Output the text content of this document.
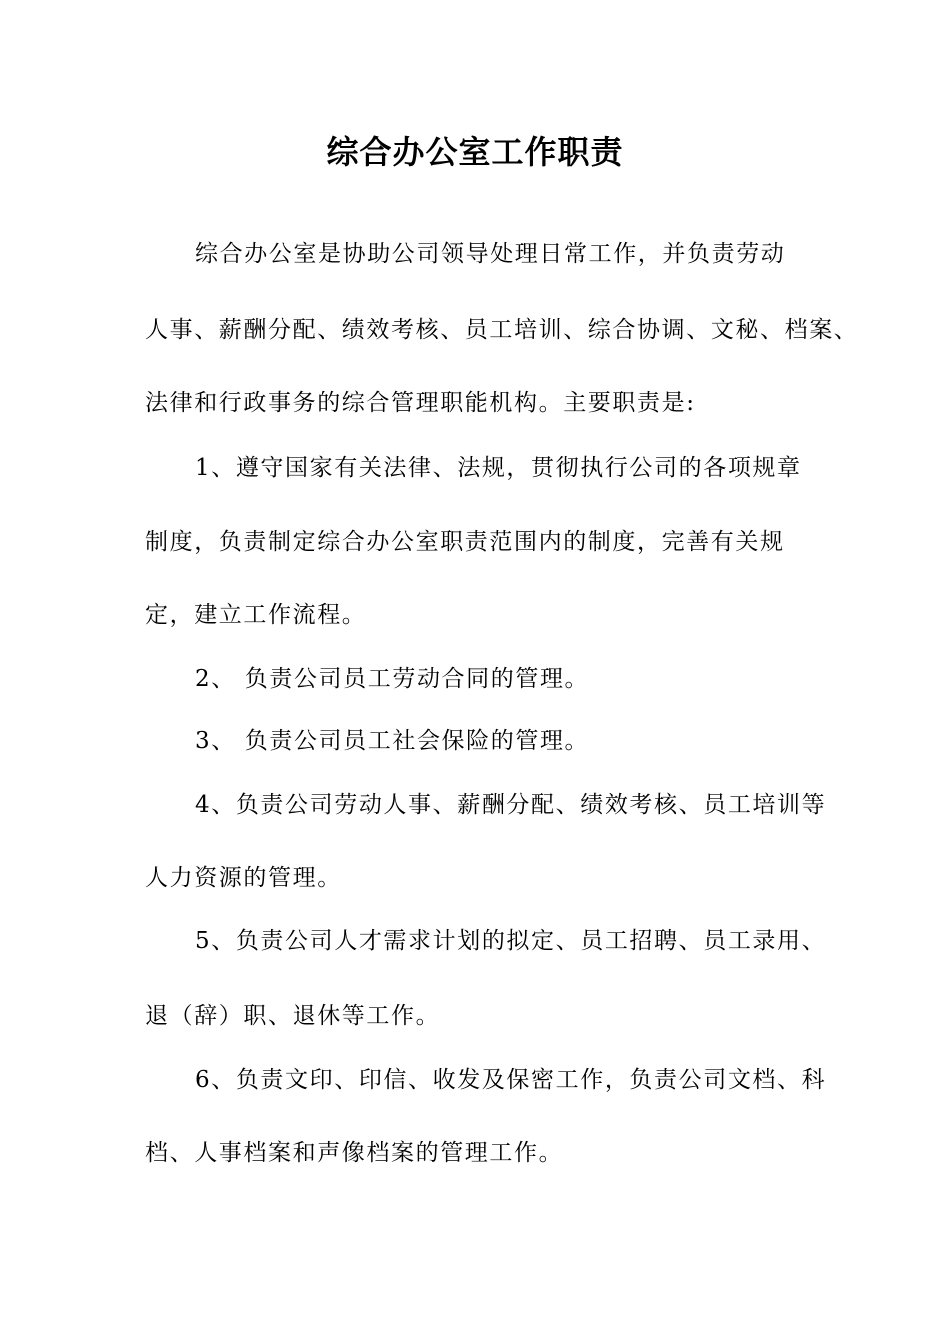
综合办公室工作职责
综合办公室是协助公司领导处理日常工作，并负责劳动
人事、薪酬分配、绩效考核、员工培训、综合协调、文秘、档案、
法律和行政事务的综合管理职能机构。主要职责是:
1、遵守国家有关法律、法规，贯彻执行公司的各项规章
制度，负责制定综合办公室职责范围内的制度，完善有关规
定，建立工作流程。
2、 负责公司员工劳动合同的管理。
3、 负责公司员工社会保险的管理。
4、负责公司劳动人事、薪酬分配、绩效考核、员工培训等
人力资源的管理。
5、负责公司人才需求计划的拟定、员工招聘、员工录用、
退（辞）职、退休等工作。
6、负责文印、印信、收发及保密工作，负责公司文档、科
档、人事档案和声像档案的管理工作。
